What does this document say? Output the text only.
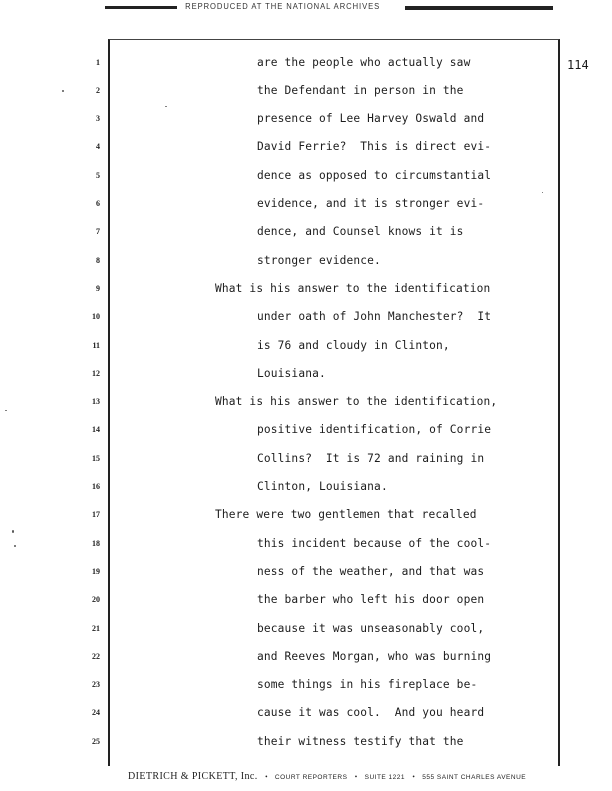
REPRODUCED AT THE NATIONAL ARCHIVES
114
1	are the people who actually saw
2	the Defendant in person in the
3	presence of Lee Harvey Oswald and
4	David Ferrie?  This is direct evi-
5	dence as opposed to circumstantial
6	evidence, and it is stronger evi-
7	dence, and Counsel knows it is
8	stronger evidence.
9	What is his answer to the identification
10	under oath of John Manchester?  It
11	is 76 and cloudy in Clinton,
12	Louisiana.
13	What is his answer to the identification,
14	positive identification, of Corrie
15	Collins?  It is 72 and raining in
16	Clinton, Louisiana.
17	There were two gentlemen that recalled
18	this incident because of the cool-
19	ness of the weather, and that was
20	the barber who left his door open
21	because it was unseasonably cool,
22	and Reeves Morgan, who was burning
23	some things in his fireplace be-
24	cause it was cool.  And you heard
25	their witness testify that the
DIETRICH & PICKETT, Inc. • COURT REPORTERS • SUITE 1221 • 555 SAINT CHARLES AVENUE
